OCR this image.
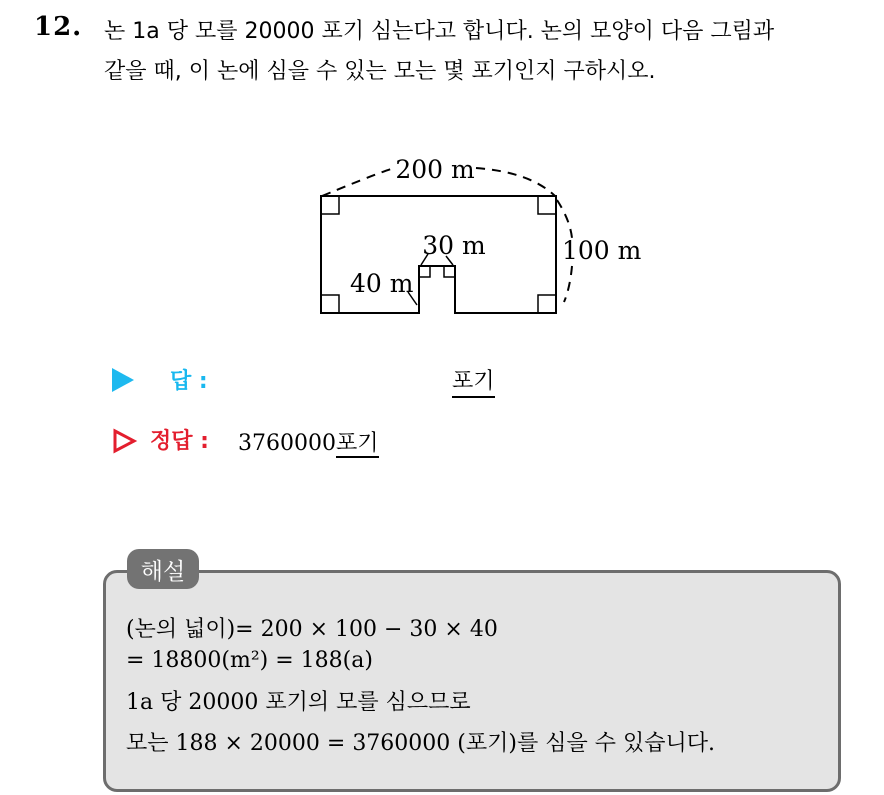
12. 논 1a 당 모를 20000 포기 심는다고 합니다. 논의 모양이 다음 그림과
같을 때, 이 논에 심을 수 있는 모는 몇 포기인지 구하시오.
200 m
100 m
30 m
40 m
답 :	포기
정답 : 3760000포기
해설
(논의 넓이)= 200 × 100 − 30 × 40
= 18800(m²) = 188(a)
1a 당 20000 포기의 모를 심으므로
모는 188 × 20000 = 3760000 (포기)를 심을 수 있습니다.
